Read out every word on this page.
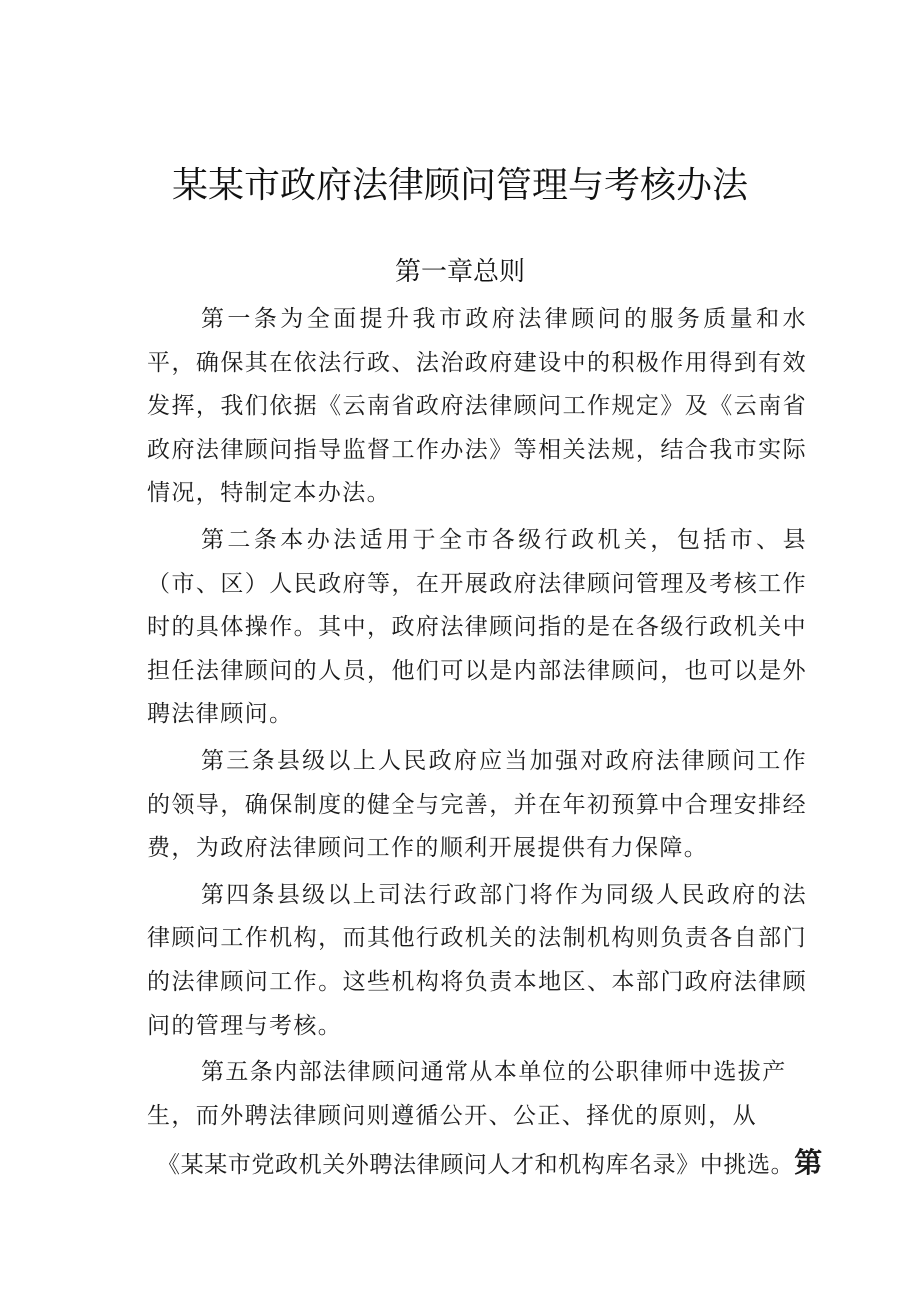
某某市政府法律顾问管理与考核办法
第一章总则

第一条为全面提升我市政府法律顾问的服务质量和水平，确保其在依法行政、法治政府建设中的积极作用得到有效发挥，我们依据《云南省政府法律顾问工作规定》及《云南省政府法律顾问指导监督工作办法》等相关法规，结合我市实际情况，特制定本办法。

第二条本办法适用于全市各级行政机关，包括市、县（市、区）人民政府等，在开展政府法律顾问管理及考核工作时的具体操作。其中，政府法律顾问指的是在各级行政机关中担任法律顾问的人员，他们可以是内部法律顾问，也可以是外聘法律顾问。

第三条县级以上人民政府应当加强对政府法律顾问工作的领导，确保制度的健全与完善，并在年初预算中合理安排经费，为政府法律顾问工作的顺利开展提供有力保障。

第四条县级以上司法行政部门将作为同级人民政府的法律顾问工作机构，而其他行政机关的法制机构则负责各自部门的法律顾问工作。这些机构将负责本地区、本部门政府法律顾问的管理与考核。

第五条内部法律顾问通常从本单位的公职律师中选拔产生，而外聘法律顾问则遵循公开、公正、择优的原则，从

《某某市党政机关外聘法律顾问人才和机构库名录》中挑选。第
